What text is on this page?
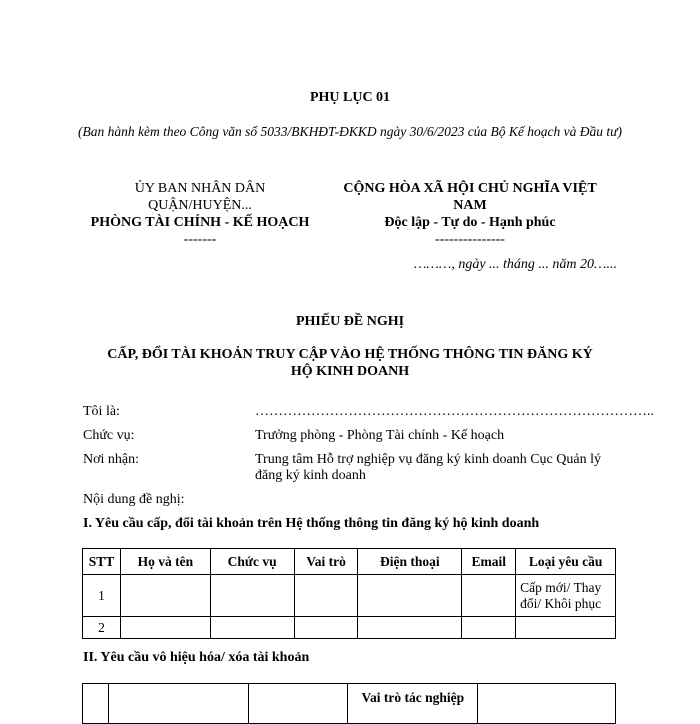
PHỤ LỤC 01
(Ban hành kèm theo Công văn số 5033/BKHĐT-ĐKKD ngày 30/6/2023 của Bộ Kế hoạch và Đầu tư)
ỦY BAN NHÂN DÂN
QUẬN/HUYỆN...
PHÒNG TÀI CHÍNH - KẾ HOẠCH
-------
CỘNG HÒA XÃ HỘI CHỦ NGHĨA VIỆT
NAM
Độc lập - Tự do - Hạnh phúc
---------------
………, ngày ... tháng ... năm 20…...
PHIẾU ĐỀ NGHỊ
CẤP, ĐỔI TÀI KHOẢN TRUY CẬP VÀO HỆ THỐNG THÔNG TIN ĐĂNG KÝ
HỘ KINH DOANH
Tôi là:	…………………………………………………………………………..
Chức vụ:	Trưởng phòng - Phòng Tài chính - Kế hoạch
Nơi nhận:	Trung tâm Hỗ trợ nghiệp vụ đăng ký kinh doanh Cục Quản lý đăng ký kinh doanh
Nội dung đề nghị:
I. Yêu cầu cấp, đổi tài khoản trên Hệ thống thông tin đăng ký hộ kinh doanh
STT	Họ và tên	Chức vụ	Vai trò	Điện thoại	Email	Loại yêu cầu
1						Cấp mới/ Thay đổi/ Khôi phục
2						
II. Yêu cầu vô hiệu hóa/ xóa tài khoản
			Vai trò tác nghiệp	
